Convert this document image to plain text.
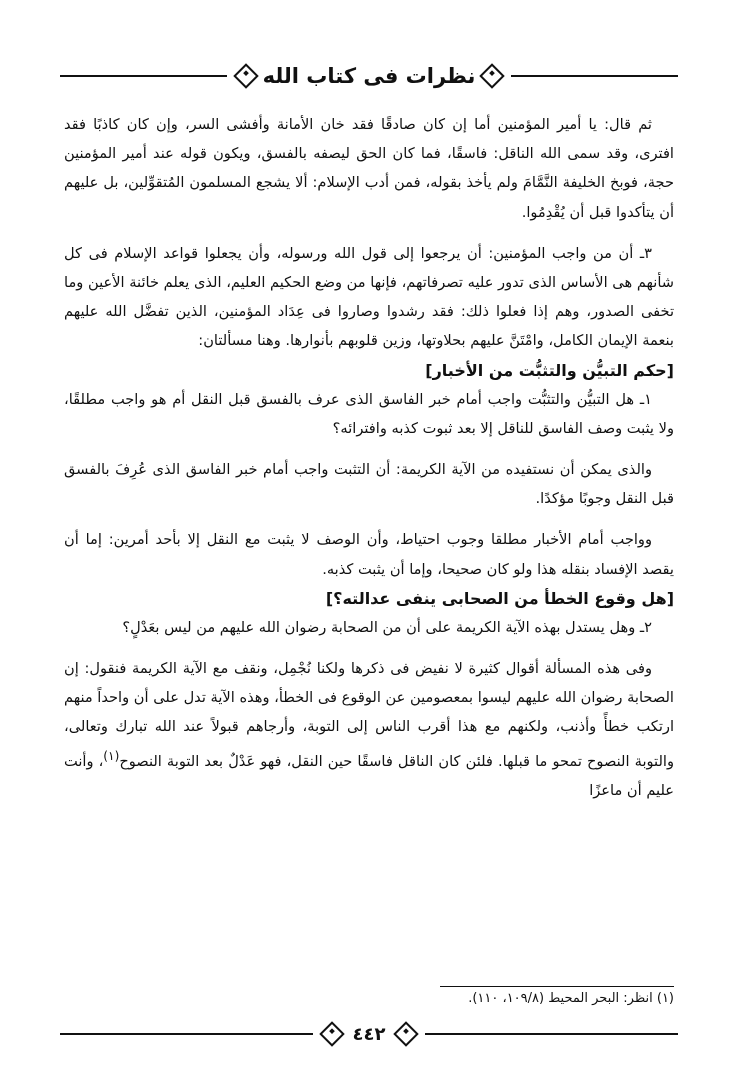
نظرات فى كتاب الله

ثم قال: يا أمير المؤمنين أما إن كان صادقًا فقد خان الأمانة وأفشى السر، وإن كان كاذبًا فقد افترى، وقد سمى الله الناقل: فاسقًا، فما كان الحق ليصفه بالفسق، ويكون قوله عند أمير المؤمنين حجة، فوبخ الخليفة النَّمَّامَ ولم يأخذ بقوله، فمن أدب الإسلام: ألا يشجع المسلمون المُتقوِّلين، بل عليهم أن يتأكدوا قبل أن يُقْدِمُوا.

٣ـ أن من واجب المؤمنين: أن يرجعوا إلى قول الله ورسوله، وأن يجعلوا قواعد الإسلام فى كل شأنهم هى الأساس الذى تدور عليه تصرفاتهم، فإنها من وضع الحكيم العليم، الذى يعلم خائنة الأعين وما تخفى الصدور، وهم إذا فعلوا ذلك: فقد رشدوا وصاروا فى عِدَاد المؤمنين، الذين تفضَّل الله عليهم بنعمة الإيمان الكامل، وامْتَنَّ عليهم بحلاوتها، وزين قلوبهم بأنوارها. وهنا مسألتان:

[حكم التبيُّن والتثبُّت من الأخبار]

١ـ هل التبيُّن والتثبُّت واجب أمام خبر الفاسق الذى عرف بالفسق قبل النقل أم هو واجب مطلقًا، ولا يثبت وصف الفاسق للناقل إلا بعد ثبوت كذبه وافترائه؟

والذى يمكن أن نستفيده من الآية الكريمة: أن التثبت واجب أمام خبر الفاسق الذى عُرِفَ بالفسق قبل النقل وجوبًا مؤكدًا.

وواجب أمام الأخبار مطلقا وجوب احتياط، وأن الوصف لا يثبت مع النقل إلا بأحد أمرين: إما أن يقصد الإفساد بنقله هذا ولو كان صحيحا، وإما أن يثبت كذبه.

[هل وقوع الخطأ من الصحابى ينفى عدالته؟]

٢ـ وهل يستدل بهذه الآية الكريمة على أن من الصحابة رضوان الله عليهم من ليس بعَدْلٍ؟

وفى هذه المسألة أقوال كثيرة لا نفيض فى ذكرها ولكنا نُجْمِل، ونقف مع الآية الكريمة فنقول: إن الصحابة رضوان الله عليهم ليسوا بمعصومين عن الوقوع فى الخطأ، وهذه الآية تدل على أن واحداً منهم ارتكب خطأً وأذنب، ولكنهم مع هذا أقرب الناس إلى التوبة، وأرجاهم قبولاً عند الله تبارك وتعالى، والتوبة النصوح تمحو ما قبلها. فلئن كان الناقل فاسقًا حين النقل، فهو عَدْلٌ بعد التوبة النصوح$^{(١)}$، وأنت عليم أن ماعزًا

(١) انظر: البحر المحيط (١٠٩/٨، ١١٠).
٤٤٢
